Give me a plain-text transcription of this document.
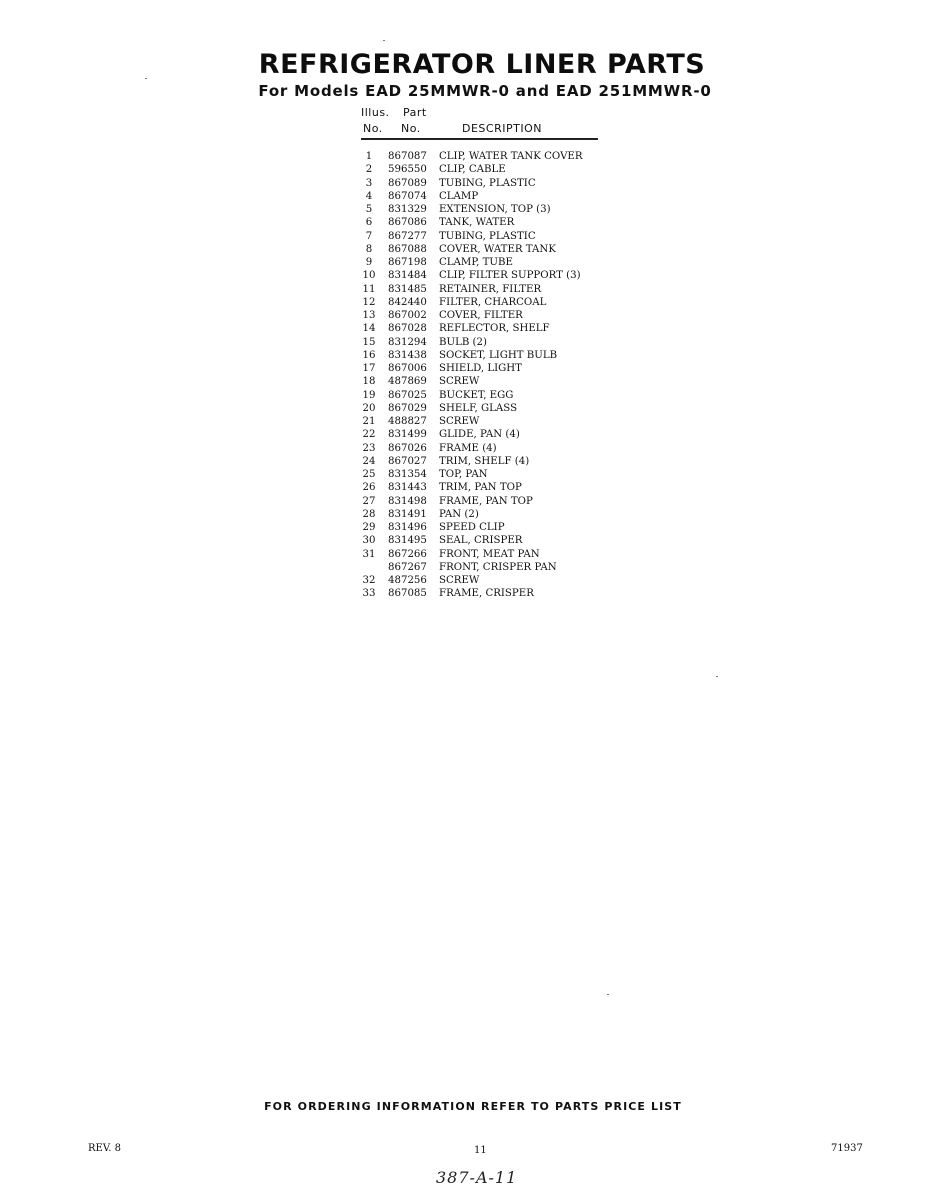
REFRIGERATOR LINER PARTS
For Models EAD 25MMWR-0 and EAD 251MMWR-0
Illus. Part
No. No.	DESCRIPTION
1	867087 CLIP, WATER TANK COVER
2	596550 CLIP, CABLE
3	867089 TUBING, PLASTIC
4	867074 CLAMP
5	831329 EXTENSION, TOP (3)
6	867086 TANK, WATER
7	867277 TUBING, PLASTIC
8	867088 COVER, WATER TANK
9	867198 CLAMP, TUBE
10 831484 CLIP, FILTER SUPPORT (3)
11 831485 RETAINER, FILTER
12 842440 FILTER, CHARCOAL
13 867002 COVER, FILTER
14 867028 REFLECTOR, SHELF
15 831294 BULB (2)
16 831438 SOCKET, LIGHT BULB
17 867006 SHIELD, LIGHT
18 487869 SCREW
19 867025 BUCKET, EGG
20 867029 SHELF, GLASS
21 488827 SCREW
22 831499 GLIDE, PAN (4)
23 867026 FRAME (4)
24 867027 TRIM, SHELF (4)
25 831354 TOP, PAN
26 831443 TRIM, PAN TOP
27 831498 FRAME, PAN TOP
28 831491 PAN (2)
29 831496 SPEED CLIP
30 831495 SEAL, CRISPER
31 867266 FRONT, MEAT PAN
867267 FRONT, CRISPER PAN
32 487256 SCREW
33 867085 FRAME, CRISPER
FOR ORDERING INFORMATION REFER TO PARTS PRICE LIST
REV. 8	11	71937
387-A-11
